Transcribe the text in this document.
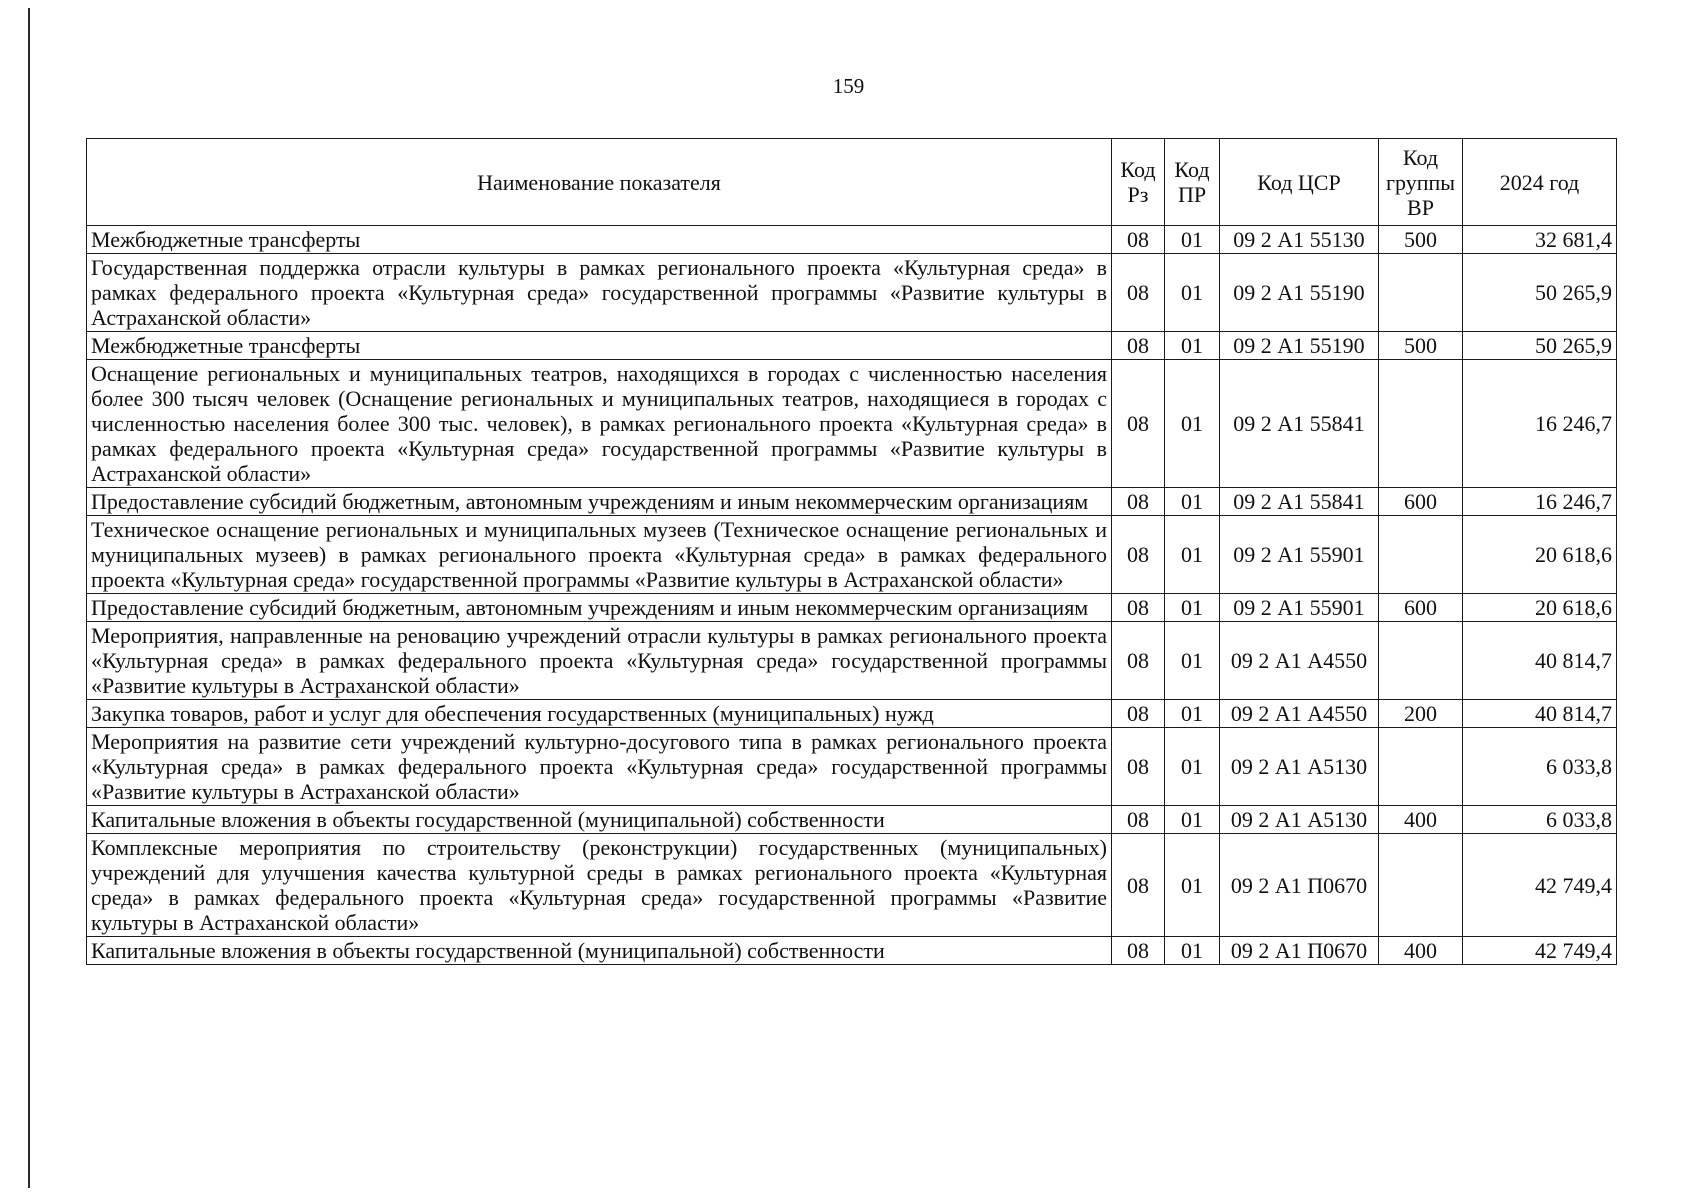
159
Наименование показателя	Код Рз	Код ПР	Код ЦСР	Код группы ВР	2024 год
Межбюджетные трансферты	08	01	09 2 А1 55130	500	32 681,4
Государственная поддержка отрасли культуры в рамках регионального проекта «Культурная среда» в рамках федерального проекта «Культурная среда» государственной программы «Развитие культуры в Астраханской области»	08	01	09 2 А1 55190		50 265,9
Межбюджетные трансферты	08	01	09 2 А1 55190	500	50 265,9
Оснащение региональных и муниципальных театров, находящихся в городах с численностью населения более 300 тысяч человек (Оснащение региональных и муниципальных театров, находящиеся в городах с численностью населения более 300 тыс. человек), в рамках регионального проекта «Культурная среда» в рамках федерального проекта «Культурная среда» государственной программы «Развитие культуры в Астраханской области»	08	01	09 2 А1 55841		16 246,7
Предоставление субсидий бюджетным, автономным учреждениям и иным некоммерческим организациям	08	01	09 2 А1 55841	600	16 246,7
Техническое оснащение региональных и муниципальных музеев (Техническое оснащение региональных и муниципальных музеев) в рамках регионального проекта «Культурная среда» в рамках федерального проекта «Культурная среда» государственной программы «Развитие культуры в Астраханской области»	08	01	09 2 А1 55901		20 618,6
Предоставление субсидий бюджетным, автономным учреждениям и иным некоммерческим организациям	08	01	09 2 А1 55901	600	20 618,6
Мероприятия, направленные на реновацию учреждений отрасли культуры в рамках регионального проекта «Культурная среда» в рамках федерального проекта «Культурная среда» государственной программы «Развитие культуры в Астраханской области»	08	01	09 2 А1 А4550		40 814,7
Закупка товаров, работ и услуг для обеспечения государственных (муниципальных) нужд	08	01	09 2 А1 А4550	200	40 814,7
Мероприятия на развитие сети учреждений культурно-досугового типа в рамках регионального проекта «Культурная среда» в рамках федерального проекта «Культурная среда» государственной программы «Развитие культуры в Астраханской области»	08	01	09 2 А1 А5130		6 033,8
Капитальные вложения в объекты государственной (муниципальной) собственности	08	01	09 2 А1 А5130	400	6 033,8
Комплексные мероприятия по строительству (реконструкции) государственных (муниципальных) учреждений для улучшения качества культурной среды в рамках регионального проекта «Культурная среда» в рамках федерального проекта «Культурная среда» государственной программы «Развитие культуры в Астраханской области»	08	01	09 2 А1 П0670		42 749,4
Капитальные вложения в объекты государственной (муниципальной) собственности	08	01	09 2 А1 П0670	400	42 749,4
